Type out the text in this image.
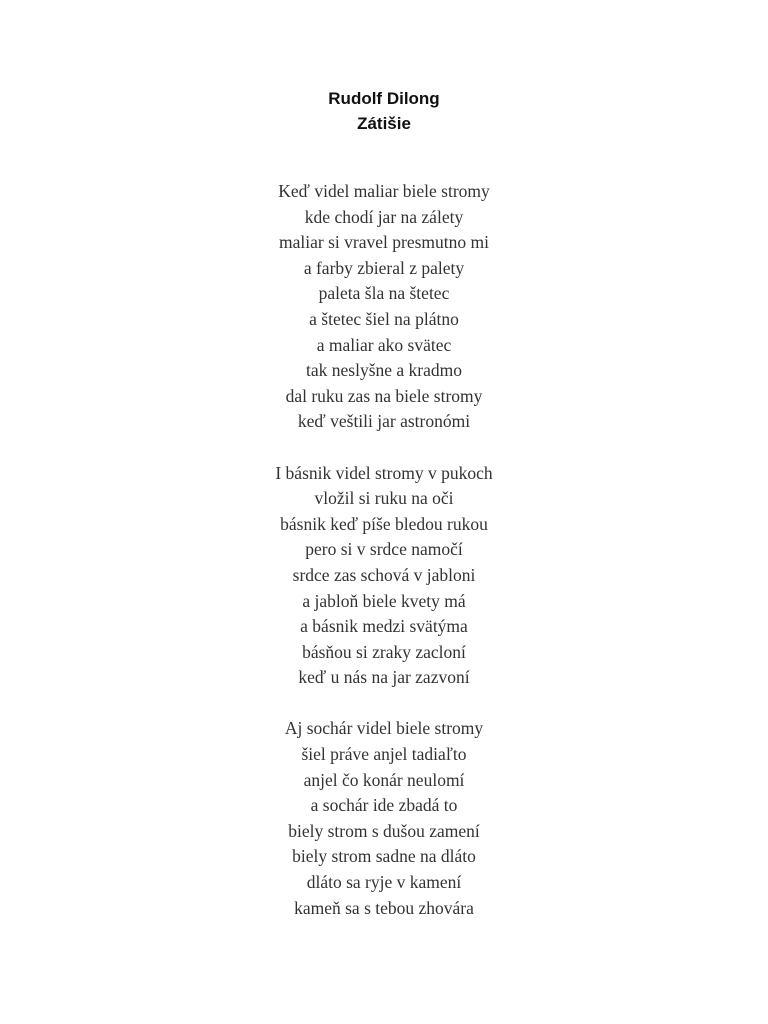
Rudolf Dilong
Zátišie
Keď videl maliar biele stromy
kde chodí jar na zálety
maliar si vravel presmutno mi
a farby zbieral z palety
paleta šla na štetec
a štetec šiel na plátno
a maliar ako svätec
tak neslyšne a kradmo
dal ruku zas na biele stromy
keď veštili jar astronómi
I básnik videl stromy v pukoch
vložil si ruku na oči
básnik keď píše bledou rukou
pero si v srdce namočí
srdce zas schová v jabloni
a jabloň biele kvety má
a básnik medzi svätýma
básňou si zraky zacloní
keď u nás na jar zazvoní
Aj sochár videl biele stromy
šiel práve anjel tadiaľto
anjel čo konár neulomí
a sochár ide zbadá to
biely strom s dušou zamení
biely strom sadne na dláto
dláto sa ryje v kamení
kameň sa s tebou zhovára
